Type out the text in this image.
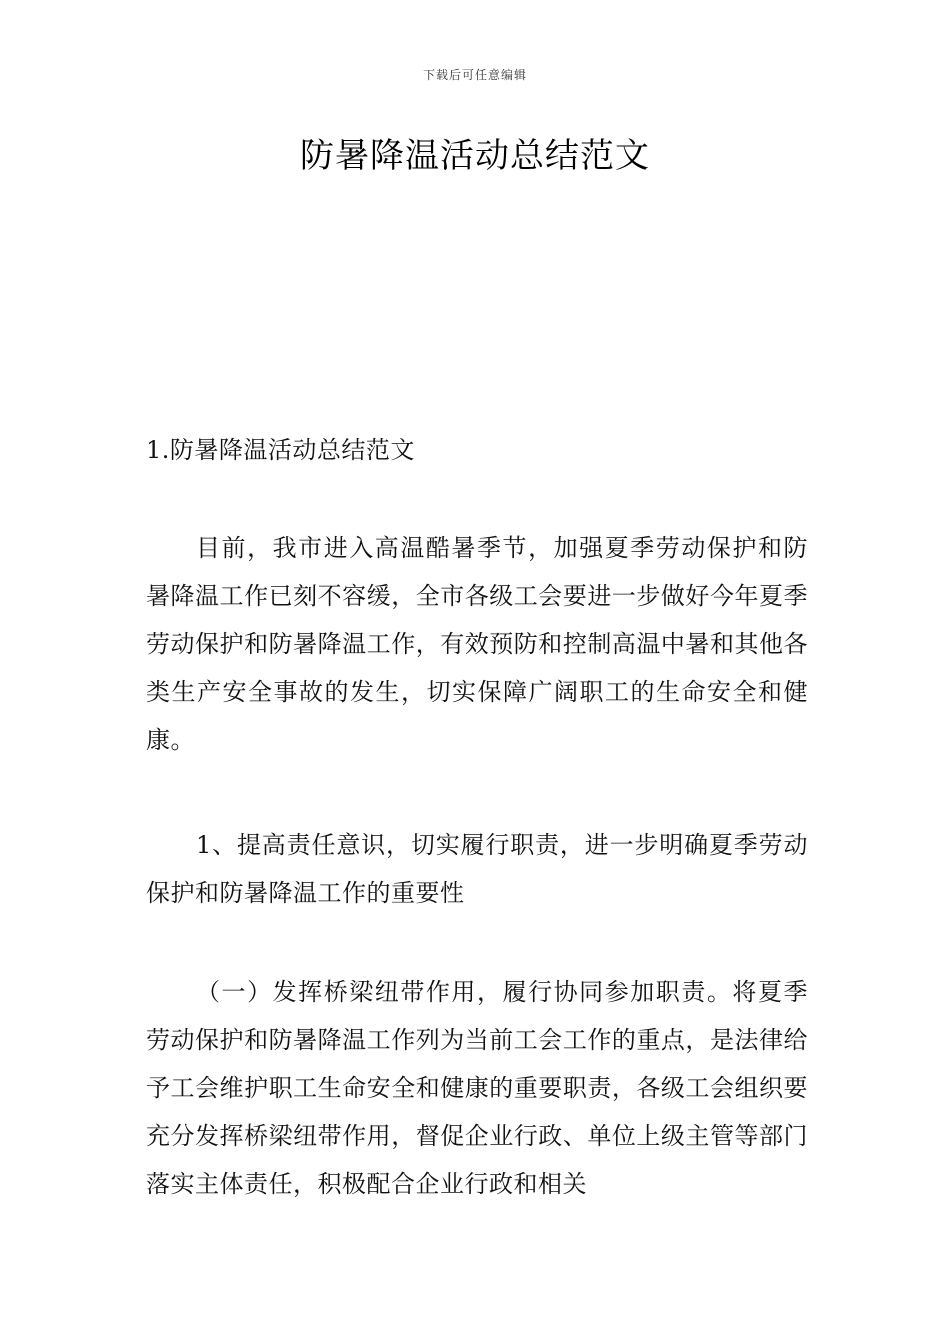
下载后可任意编辑
防暑降温活动总结范文

1.防暑降温活动总结范文

目前，我市进入高温酷暑季节，加强夏季劳动保护和防暑降温工作已刻不容缓，全市各级工会要进一步做好今年夏季劳动保护和防暑降温工作，有效预防和控制高温中暑和其他各类生产安全事故的发生，切实保障广阔职工的生命安全和健康。

1、提高责任意识，切实履行职责，进一步明确夏季劳动保护和防暑降温工作的重要性

（一）发挥桥梁纽带作用，履行协同参加职责。将夏季劳动保护和防暑降温工作列为当前工会工作的重点，是法律给予工会维护职工生命安全和健康的重要职责，各级工会组织要充分发挥桥梁纽带作用，督促企业行政、单位上级主管等部门落实主体责任，积极配合企业行政和相关
